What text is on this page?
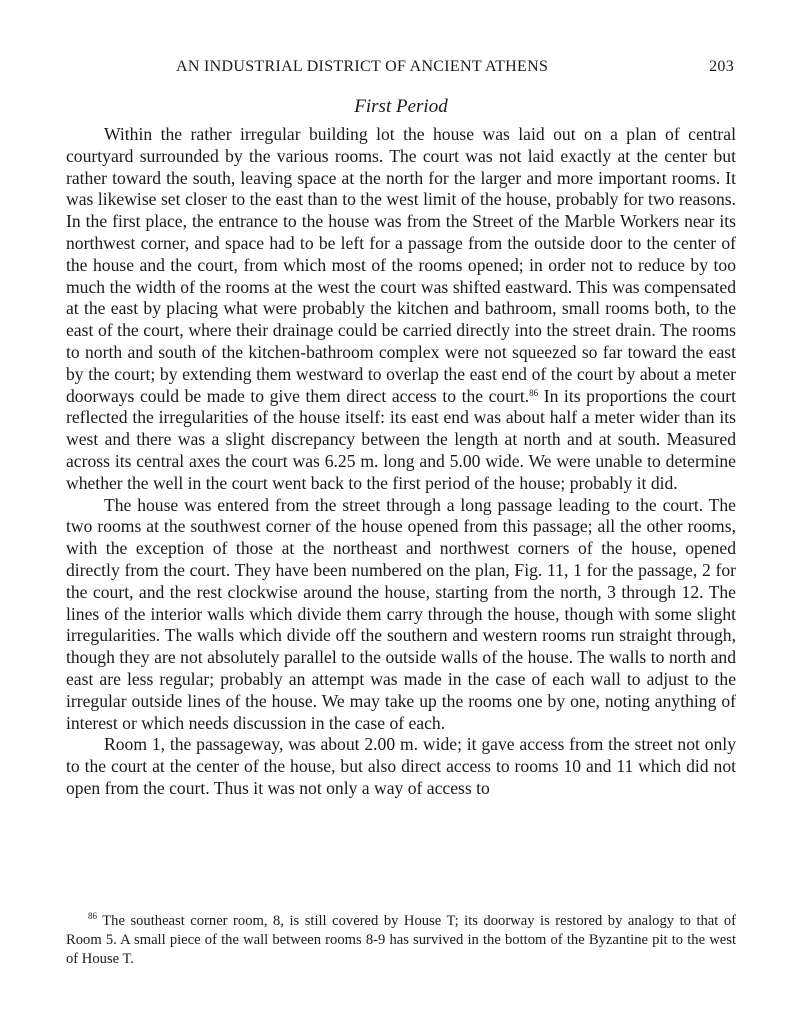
AN INDUSTRIAL DISTRICT OF ANCIENT ATHENS	203
First Period

Within the rather irregular building lot the house was laid out on a plan of central courtyard surrounded by the various rooms. The court was not laid exactly at the center but rather toward the south, leaving space at the north for the larger and more important rooms. It was likewise set closer to the east than to the west limit of the house, probably for two reasons. In the first place, the entrance to the house was from the Street of the Marble Workers near its northwest corner, and space had to be left for a passage from the outside door to the center of the house and the court, from which most of the rooms opened; in order not to reduce by too much the width of the rooms at the west the court was shifted eastward. This was compensated at the east by placing what were probably the kitchen and bathroom, small rooms both, to the east of the court, where their drainage could be carried directly into the street drain. The rooms to north and south of the kitchen-bathroom complex were not squeezed so far toward the east by the court; by extending them westward to overlap the east end of the court by about a meter doorways could be made to give them direct access to the court.$^{86}$ In its proportions the court reflected the irregularities of the house itself: its east end was about half a meter wider than its west and there was a slight discrepancy between the length at north and at south. Measured across its central axes the court was 6.25 m. long and 5.00 wide. We were unable to determine whether the well in the court went back to the first period of the house; probably it did.

The house was entered from the street through a long passage leading to the court. The two rooms at the southwest corner of the house opened from this passage; all the other rooms, with the exception of those at the northeast and northwest corners of the house, opened directly from the court. They have been numbered on the plan, Fig. 11, 1 for the passage, 2 for the court, and the rest clockwise around the house, starting from the north, 3 through 12. The lines of the interior walls which divide them carry through the house, though with some slight irregularities. The walls which divide off the southern and western rooms run straight through, though they are not absolutely parallel to the outside walls of the house. The walls to north and east are less regular; probably an attempt was made in the case of each wall to adjust to the irregular outside lines of the house. We may take up the rooms one by one, noting anything of interest or which needs discussion in the case of each.

Room 1, the passageway, was about 2.00 m. wide; it gave access from the street not only to the court at the center of the house, but also direct access to rooms 10 and 11 which did not open from the court. Thus it was not only a way of access to

$^{86}$ The southeast corner room, 8, is still covered by House T; its doorway is restored by analogy to that of Room 5. A small piece of the wall between rooms 8-9 has survived in the bottom of the Byzantine pit to the west of House T.
